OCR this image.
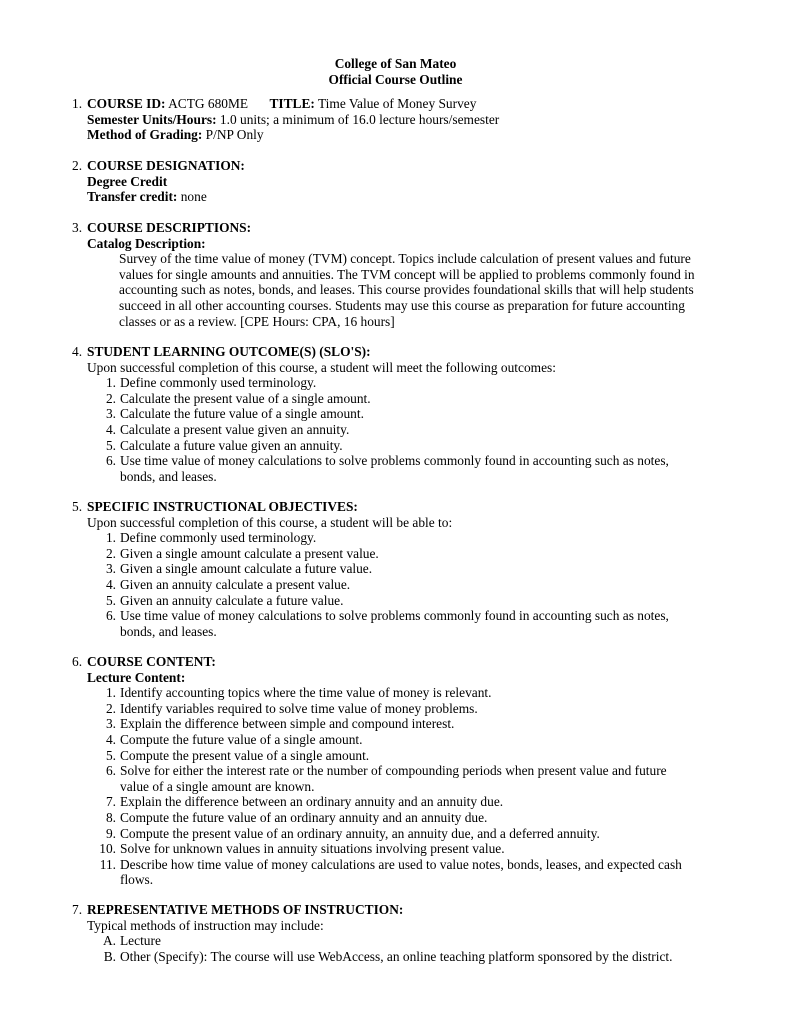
College of San Mateo
Official Course Outline
1. COURSE ID: ACTG 680ME TITLE: Time Value of Money Survey
Semester Units/Hours: 1.0 units; a minimum of 16.0 lecture hours/semester
Method of Grading: P/NP Only
2. COURSE DESIGNATION:
Degree Credit
Transfer credit: none
3. COURSE DESCRIPTIONS:
Catalog Description:
Survey of the time value of money (TVM) concept. Topics include calculation of present values and future
values for single amounts and annuities. The TVM concept will be applied to problems commonly found in
accounting such as notes, bonds, and leases. This course provides foundational skills that will help students
succeed in all other accounting courses. Students may use this course as preparation for future accounting
classes or as a review. [CPE Hours: CPA, 16 hours]
4. STUDENT LEARNING OUTCOME(S) (SLO'S):
Upon successful completion of this course, a student will meet the following outcomes:
1. Define commonly used terminology.
2. Calculate the present value of a single amount.
3. Calculate the future value of a single amount.
4. Calculate a present value given an annuity.
5. Calculate a future value given an annuity.
6. Use time value of money calculations to solve problems commonly found in accounting such as notes,
bonds, and leases.
5. SPECIFIC INSTRUCTIONAL OBJECTIVES:
Upon successful completion of this course, a student will be able to:
1. Define commonly used terminology.
2. Given a single amount calculate a present value.
3. Given a single amount calculate a future value.
4. Given an annuity calculate a present value.
5. Given an annuity calculate a future value.
6. Use time value of money calculations to solve problems commonly found in accounting such as notes,
bonds, and leases.
6. COURSE CONTENT:
Lecture Content:
1. Identify accounting topics where the time value of money is relevant.
2. Identify variables required to solve time value of money problems.
3. Explain the difference between simple and compound interest.
4. Compute the future value of a single amount.
5. Compute the present value of a single amount.
6. Solve for either the interest rate or the number of compounding periods when present value and future
value of a single amount are known.
7. Explain the difference between an ordinary annuity and an annuity due.
8. Compute the future value of an ordinary annuity and an annuity due.
9. Compute the present value of an ordinary annuity, an annuity due, and a deferred annuity.
10. Solve for unknown values in annuity situations involving present value.
11. Describe how time value of money calculations are used to value notes, bonds, leases, and expected cash
flows.
7. REPRESENTATIVE METHODS OF INSTRUCTION:
Typical methods of instruction may include:
A. Lecture
B. Other (Specify): The course will use WebAccess, an online teaching platform sponsored by the district.
